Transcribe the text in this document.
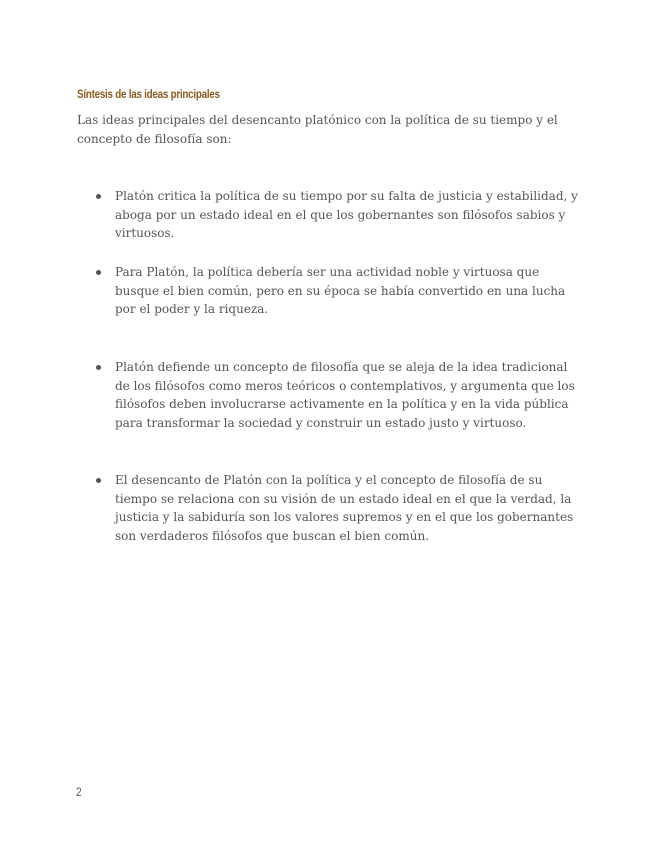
Síntesis de las ideas principales
Las ideas principales del desencanto platónico con la política de su tiempo y el concepto de filosofía son:
Platón critica la política de su tiempo por su falta de justicia y estabilidad, y aboga por un estado ideal en el que los gobernantes son filósofos sabios y virtuosos.
Para Platón, la política debería ser una actividad noble y virtuosa que busque el bien común, pero en su época se había convertido en una lucha por el poder y la riqueza.
Platón defiende un concepto de filosofía que se aleja de la idea tradicional de los filósofos como meros teóricos o contemplativos, y argumenta que los filósofos deben involucrarse activamente en la política y en la vida pública para transformar la sociedad y construir un estado justo y virtuoso.
El desencanto de Platón con la política y el concepto de filosofía de su tiempo se relaciona con su visión de un estado ideal en el que la verdad, la justicia y la sabiduría son los valores supremos y en el que los gobernantes son verdaderos filósofos que buscan el bien común.
2
